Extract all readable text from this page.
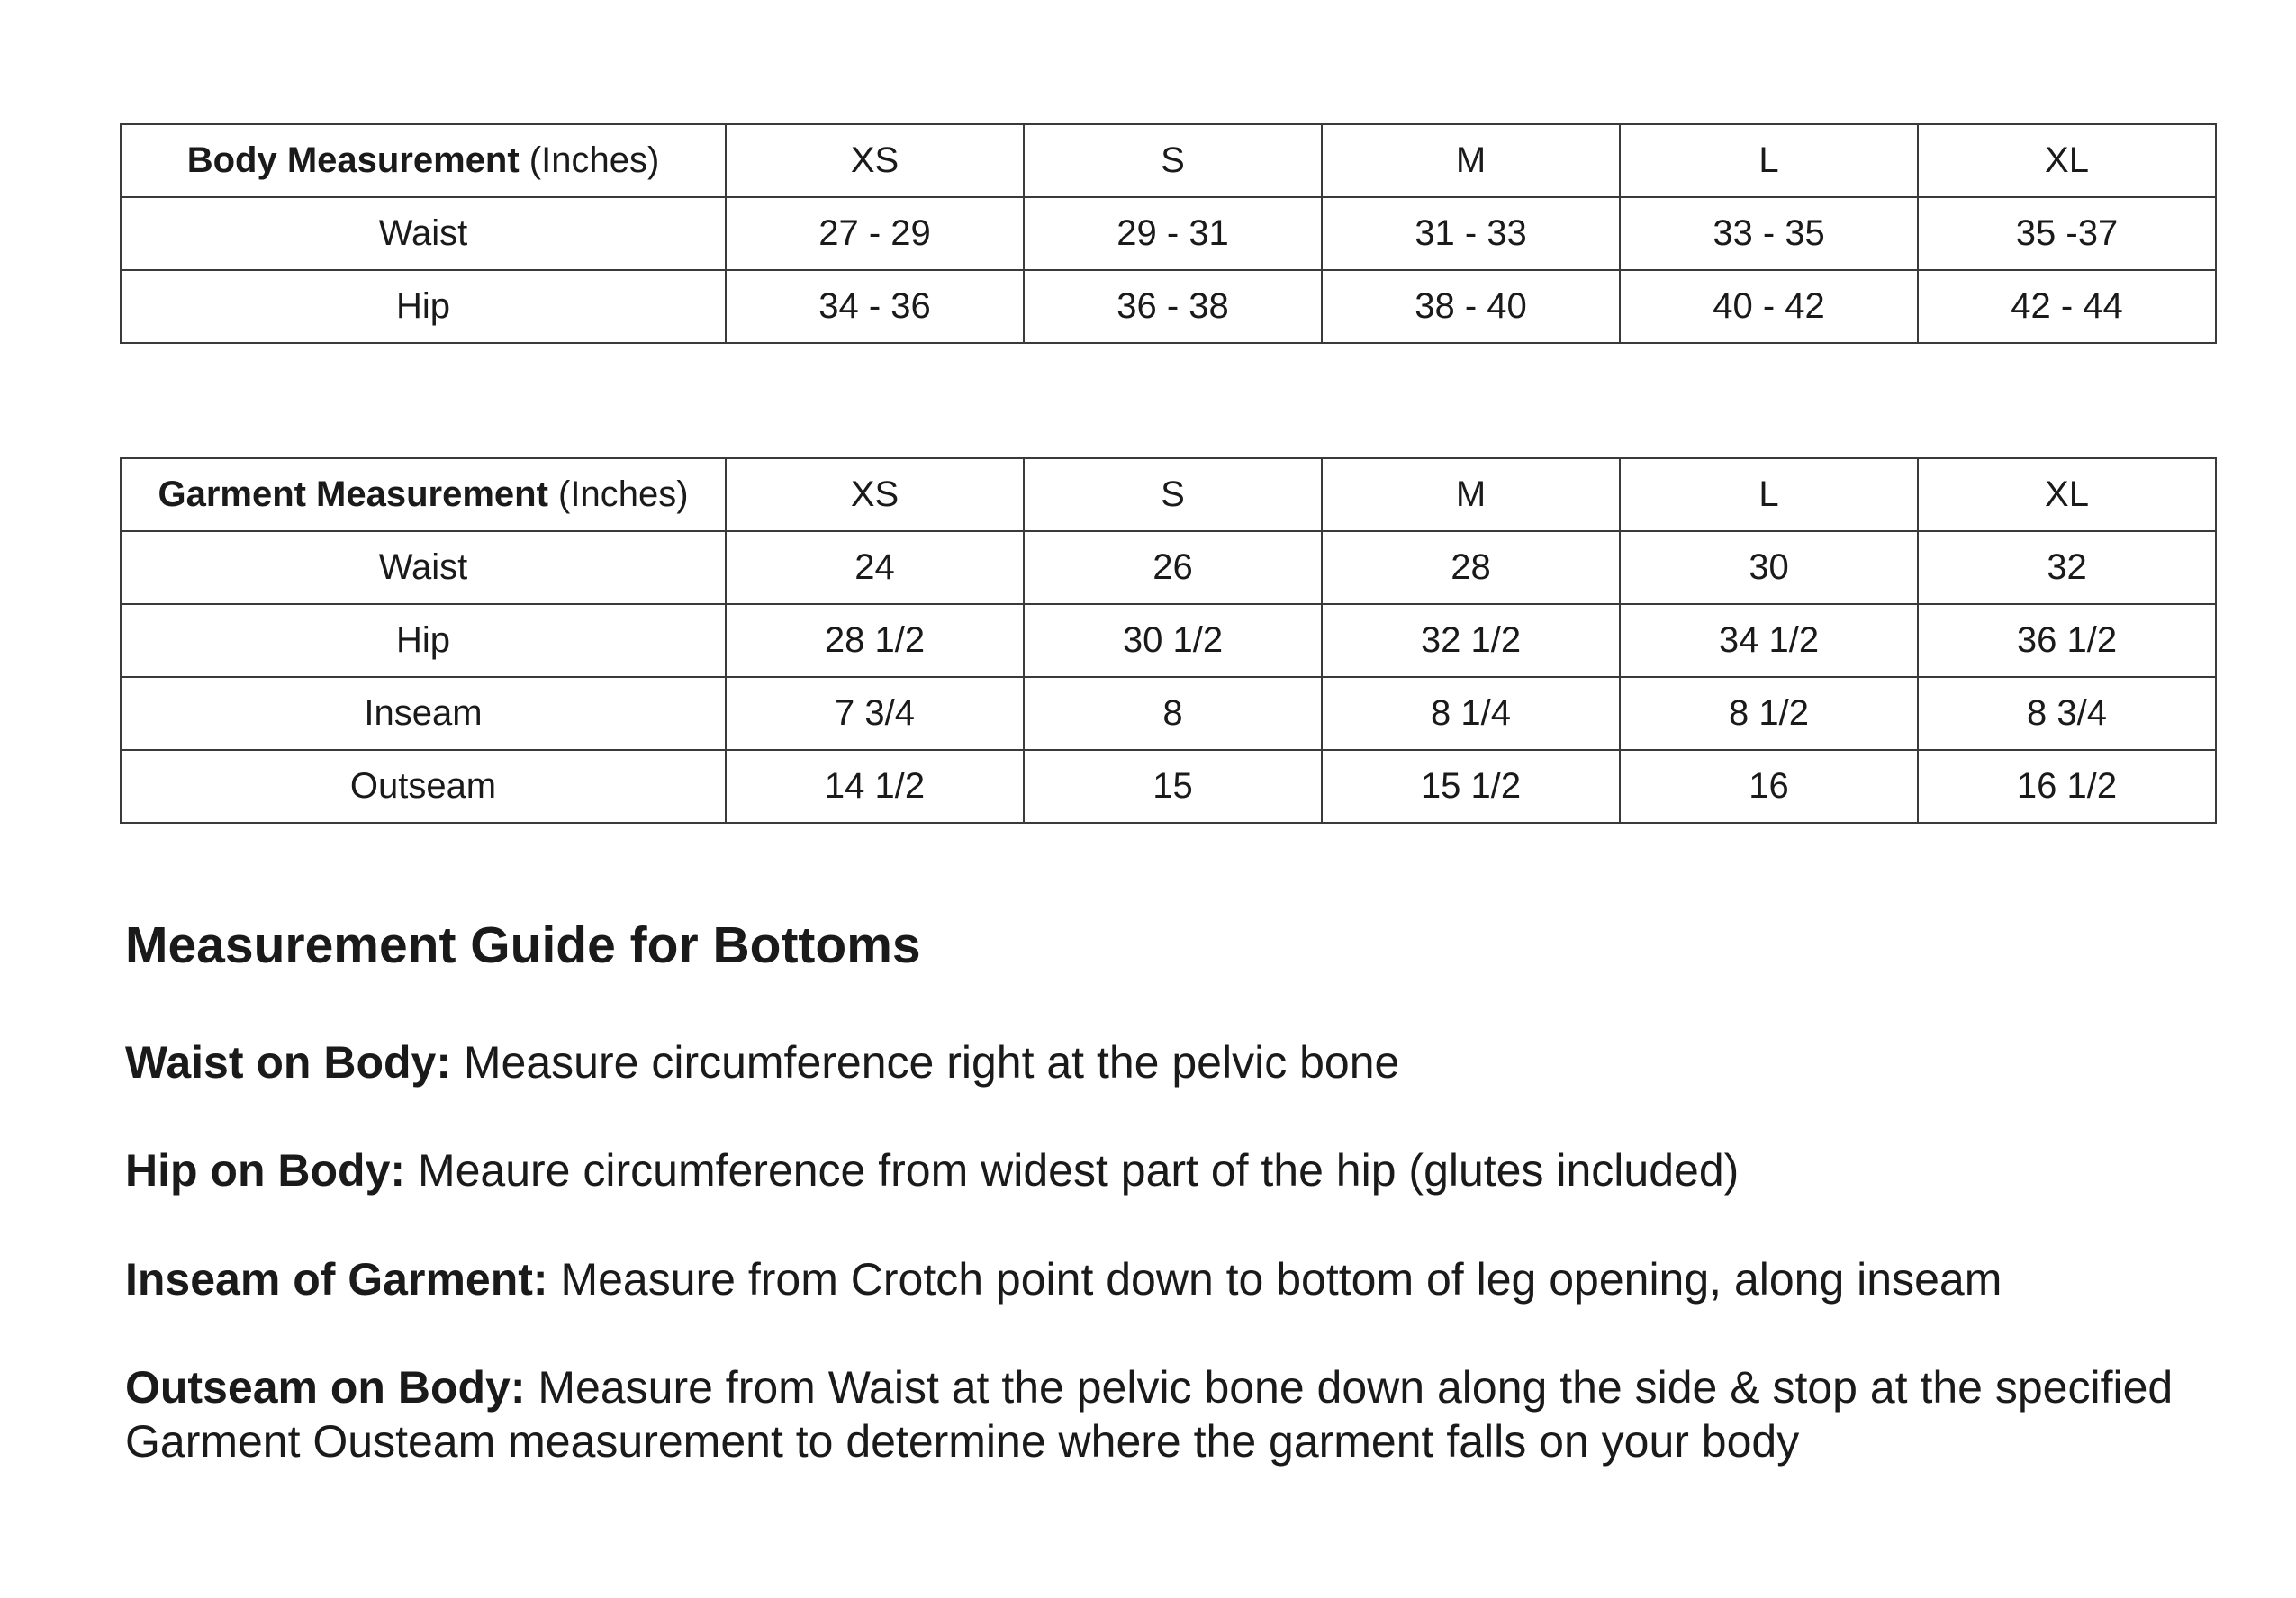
Body Measurement (Inches)	XS	S	M	L	XL
Waist	27 - 29	29 - 31	31 - 33	33 - 35	35 -37
Hip	34 - 36	36 - 38	38 - 40	40 - 42	42 - 44
Garment Measurement (Inches)	XS	S	M	L	XL
Waist	24	26	28	30	32
Hip	28 1/2	30 1/2	32 1/2	34 1/2	36 1/2
Inseam	7 3/4	8	8 1/4	8 1/2	8 3/4
Outseam	14 1/2	15	15 1/2	16	16 1/2
Measurement Guide for Bottoms
Waist on Body: Measure circumference right at the pelvic bone
Hip on Body: Meaure circumference from widest part of the hip (glutes included)
Inseam of Garment: Measure from Crotch point down to bottom of leg opening, along inseam
Outseam on Body: Measure from Waist at the pelvic bone down along the side & stop at the specified Garment Ousteam measurement to determine where the garment falls on your body
